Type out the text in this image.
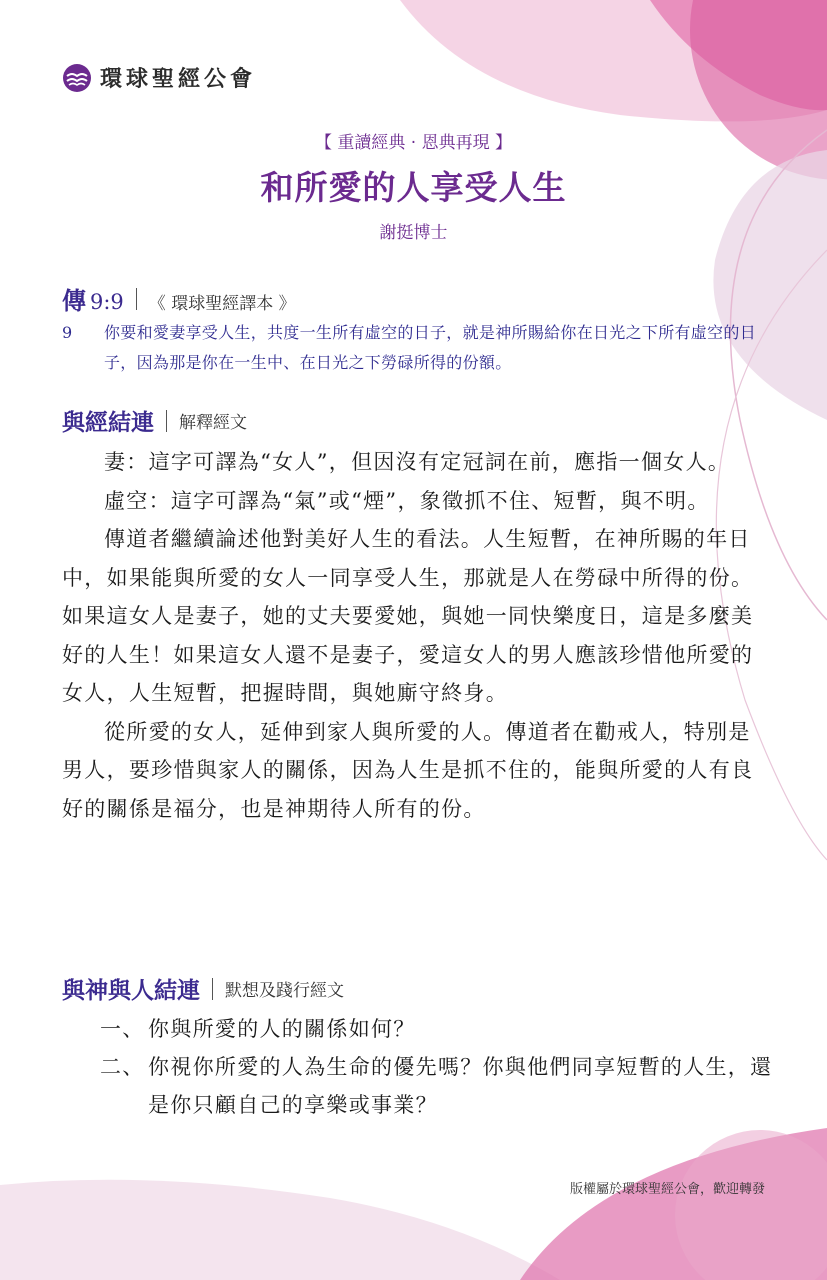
環球聖經公會
【 重讀經典 · 恩典再現 】
和所愛的人享受人生
謝挺博士
傳 9:9 《 環球聖經譯本 》
9 你要和愛妻享受人生，共度一生所有虛空的日子，就是神所賜給你在日光之下所有虛空的日子，因為那是你在一生中、在日光之下勞碌所得的份額。
與經結連 解釋經文

妻：這字可譯為“女人”，但因沒有定冠詞在前，應指一個女人。

虛空：這字可譯為“氣”或“煙”，象徵抓不住、短暫，與不明。

傳道者繼續論述他對美好人生的看法。人生短暫，在神所賜的年日中，如果能與所愛的女人一同享受人生，那就是人在勞碌中所得的份。如果這女人是妻子，她的丈夫要愛她，與她一同快樂度日，這是多麼美好的人生！如果這女人還不是妻子，愛這女人的男人應該珍惜他所愛的女人，人生短暫，把握時間，與她廝守終身。

從所愛的女人，延伸到家人與所愛的人。傳道者在勸戒人，特別是男人，要珍惜與家人的關係，因為人生是抓不住的，能與所愛的人有良好的關係是福分，也是神期待人所有的份。

與神與人結連 默想及踐行經文
一、 你與所愛的人的關係如何？
二、 你視你所愛的人為生命的優先嗎？你與他們同享短暫的人生，還是你只顧自己的享樂或事業？
版權屬於環球聖經公會，歡迎轉發
